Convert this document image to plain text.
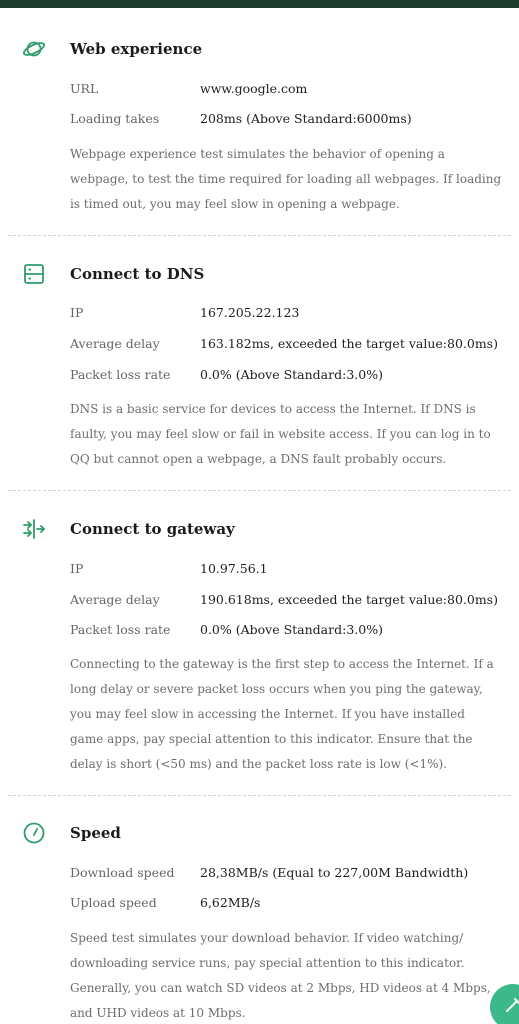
Web experience
URL	www.google.com
Loading takes	208ms (Above Standard:6000ms)
Webpage experience test simulates the behavior of opening a webpage, to test the time required for loading all webpages. If loading is timed out, you may feel slow in opening a webpage.
Connect to DNS
IP	167.205.22.123
Average delay	163.182ms, exceeded the target value:80.0ms)
Packet loss rate 0.0% (Above Standard:3.0%)
DNS is a basic service for devices to access the Internet. If DNS is faulty, you may feel slow or fail in website access. If you can log in to QQ but cannot open a webpage, a DNS fault probably occurs.
Connect to gateway
IP	10.97.56.1
Average delay	190.618ms, exceeded the target value:80.0ms)
Packet loss rate 0.0% (Above Standard:3.0%)
Connecting to the gateway is the first step to access the Internet. If a long delay or severe packet loss occurs when you ping the gateway, you may feel slow in accessing the Internet. If you have installed game apps, pay special attention to this indicator. Ensure that the delay is short (<50 ms) and the packet loss rate is low (<1%).
Speed
Download speed 28,38MB/s (Equal to 227,00M Bandwidth)
Upload speed	6,62MB/s
Speed test simulates your download behavior. If video watching/ downloading service runs, pay special attention to this indicator. Generally, you can watch SD videos at 2 Mbps, HD videos at 4 Mbps, and UHD videos at 10 Mbps.
